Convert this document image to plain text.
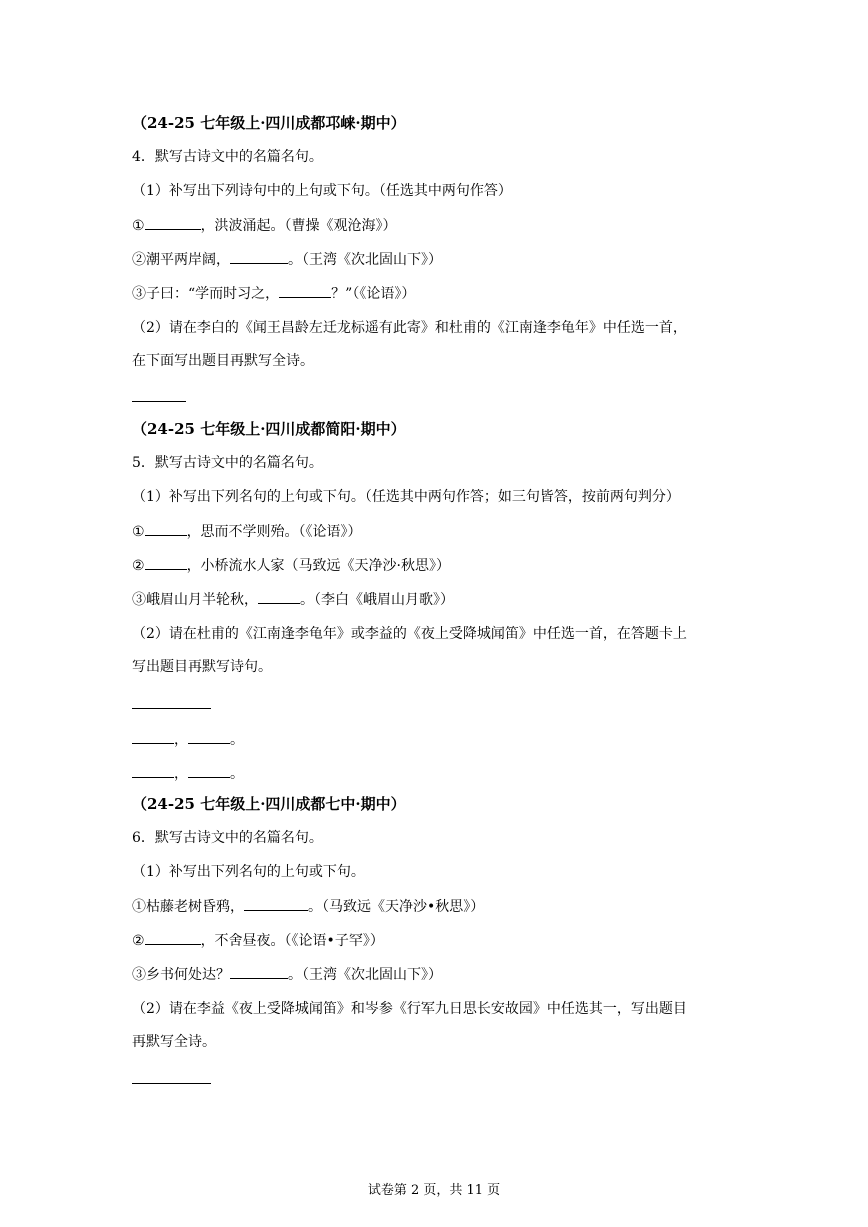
（24-25 七年级上·四川成都邛崃·期中）
4．默写古诗文中的名篇名句。
（1）补写出下列诗句中的上句或下句。（任选其中两句作答）
①	，洪波涌起。（曹操《观沧海》）
②潮平两岸阔，	。（王湾《次北固山下》）
③子曰：“学而时习之，	？”（《论语》）
（2）请在李白的《闻王昌龄左迁龙标遥有此寄》和杜甫的《江南逢李龟年》中任选一首，
在下面写出题目再默写全诗。
（24-25 七年级上·四川成都简阳·期中）
5．默写古诗文中的名篇名句。
（1）补写出下列名句的上句或下句。（任选其中两句作答；如三句皆答，按前两句判分）
①	，思而不学则殆。（《论语》）
②	，小桥流水人家（马致远《天净沙·秋思》）
③峨眉山月半轮秋，	。（李白《峨眉山月歌》）
（2）请在杜甫的《江南逢李龟年》或李益的《夜上受降城闻笛》中任选一首，在答题卡上
写出题目再默写诗句。
，	。
，	。
（24-25 七年级上·四川成都七中·期中）
6．默写古诗文中的名篇名句。
（1）补写出下列名句的上句或下句。
①枯藤老树昏鸦，	。（马致远《天净沙•秋思》）
②	，不舍昼夜。（《论语•子罕》）
③乡书何处达？	。（王湾《次北固山下》）
（2）请在李益《夜上受降城闻笛》和岑参《行军九日思长安故园》中任选其一，写出题目
再默写全诗。
试卷第 2 页，共 11 页
